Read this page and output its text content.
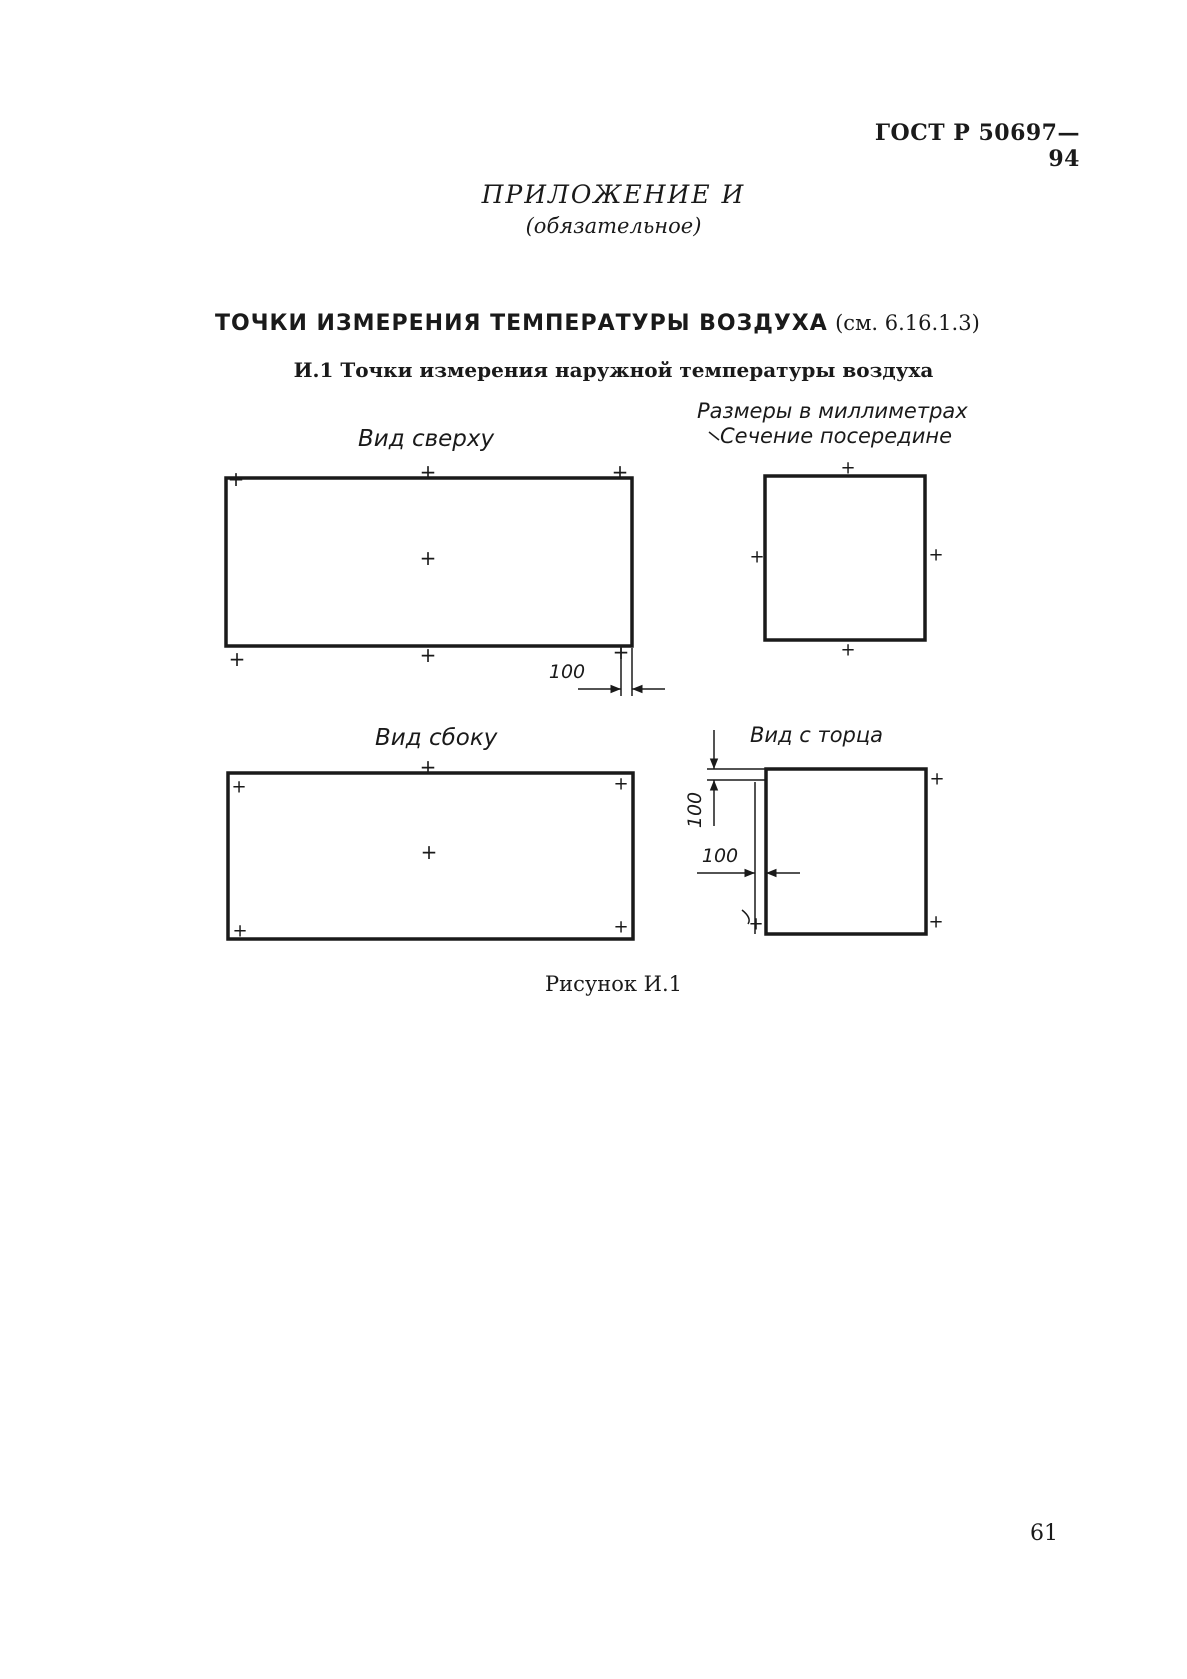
ГОСТ Р 50697—94
ПРИЛОЖЕНИЕ И
(обязательное)
ТОЧКИ ИЗМЕРЕНИЯ ТЕМПЕРАТУРЫ ВОЗДУХА (см. 6.16.1.3)
И.1 Точки измерения наружной температуры воздуха
Вид сверху
Размеры в миллиметрах
Сечение посередине
Вид сбоку	Вид с торца
+	+	+
+
+	+	+
100
+
+	+
+
+
+	+
+
+	+
+
+	+
100
100
Рисунок И.1
61
